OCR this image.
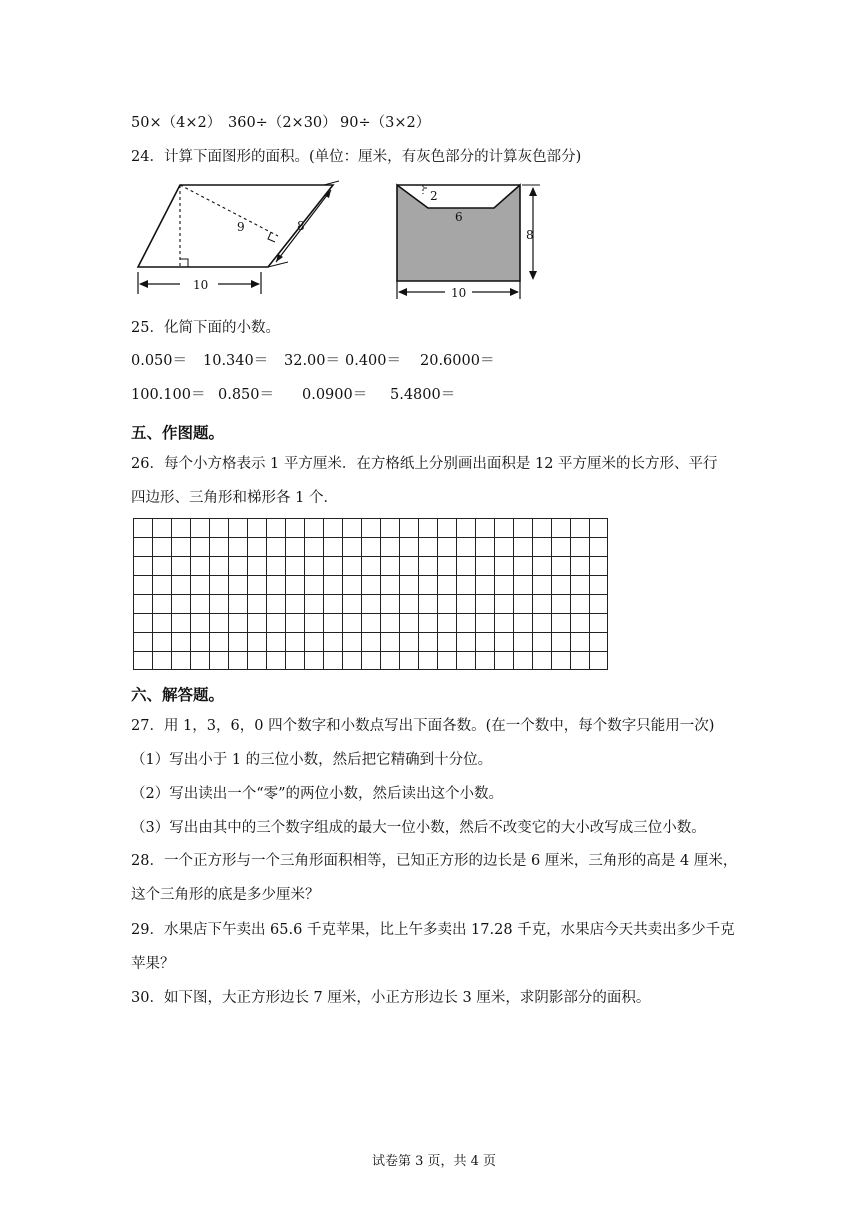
50×（4×2） 360÷（2×30） 90÷（3×2）
24．计算下面图形的面积。(单位：厘米，有灰色部分的计算灰色部分)
9	8
10
2
6
8
10
25．化简下面的小数。
0.050＝ 10.340＝ 32.00＝ 0.400＝ 20.6000＝
100.100＝ 0.850＝ 0.0900＝ 5.4800＝
五、作图题。
26．每个小方格表示 1 平方厘米．在方格纸上分别画出面积是 12 平方厘米的长方形、平行
四边形、三角形和梯形各 1 个．
六、解答题。
27．用 1，3，6，0 四个数字和小数点写出下面各数。(在一个数中，每个数字只能用一次)
（1）写出小于 1 的三位小数，然后把它精确到十分位。
（2）写出读出一个“零”的两位小数，然后读出这个小数。
（3）写出由其中的三个数字组成的最大一位小数，然后不改变它的大小改写成三位小数。
28．一个正方形与一个三角形面积相等，已知正方形的边长是 6 厘米，三角形的高是 4 厘米，
这个三角形的底是多少厘米？
29．水果店下午卖出 65.6 千克苹果，比上午多卖出 17.28 千克，水果店今天共卖出多少千克
苹果？
30．如下图，大正方形边长 7 厘米，小正方形边长 3 厘米，求阴影部分的面积。
试卷第 3 页，共 4 页
